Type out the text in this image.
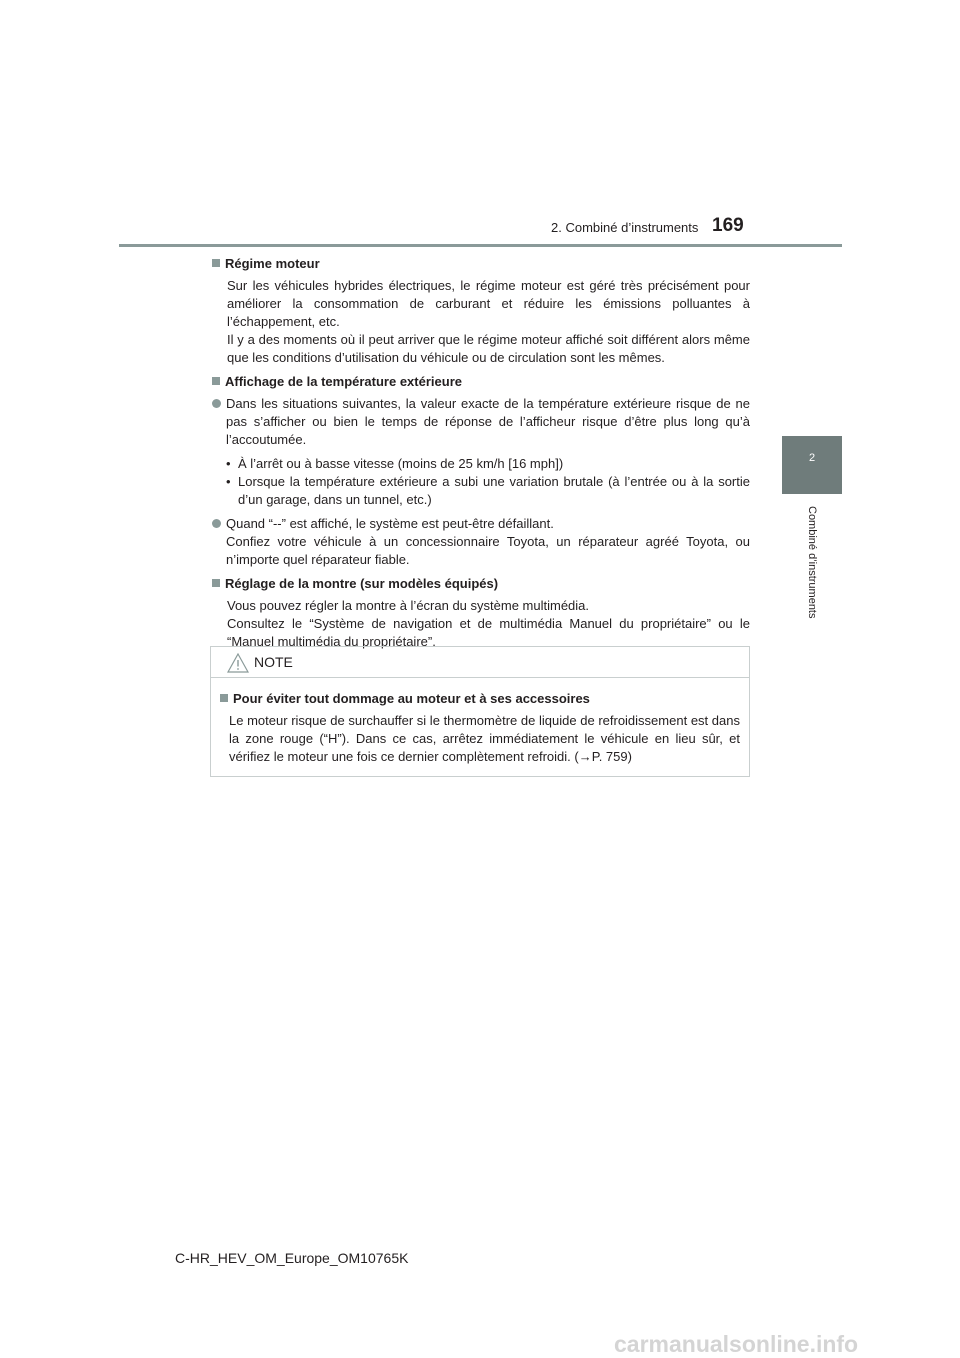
2. Combiné d’instruments 169
2
Combiné d’instruments
Régime moteur
Sur les véhicules hybrides électriques, le régime moteur est géré très précisément pour améliorer la consommation de carburant et réduire les émissions polluantes à l’échappement, etc.
Il y a des moments où il peut arriver que le régime moteur affiché soit différent alors même que les conditions d’utilisation du véhicule ou de circulation sont les mêmes.
Affichage de la température extérieure
Dans les situations suivantes, la valeur exacte de la température extérieure risque de ne pas s’afficher ou bien le temps de réponse de l’afficheur risque d’être plus long qu’à l’accoutumée.
• À l’arrêt ou à basse vitesse (moins de 25 km/h [16 mph])
• Lorsque la température extérieure a subi une variation brutale (à l’entrée ou à la sortie d’un garage, dans un tunnel, etc.)
Quand “--” est affiché, le système est peut-être défaillant.
Confiez votre véhicule à un concessionnaire Toyota, un réparateur agréé Toyota, ou n’importe quel réparateur fiable.
Réglage de la montre (sur modèles équipés)
Vous pouvez régler la montre à l’écran du système multimédia.
Consultez le “Système de navigation et de multimédia Manuel du propriétaire” ou le “Manuel multimédia du propriétaire”.
NOTE
Pour éviter tout dommage au moteur et à ses accessoires
Le moteur risque de surchauffer si le thermomètre de liquide de refroidissement est dans la zone rouge (“H”). Dans ce cas, arrêtez immédiatement le véhicule en lieu sûr, et vérifiez le moteur une fois ce dernier complètement refroidi. (→P. 759)
C-HR_HEV_OM_Europe_OM10765K
carmanualsonline.info
